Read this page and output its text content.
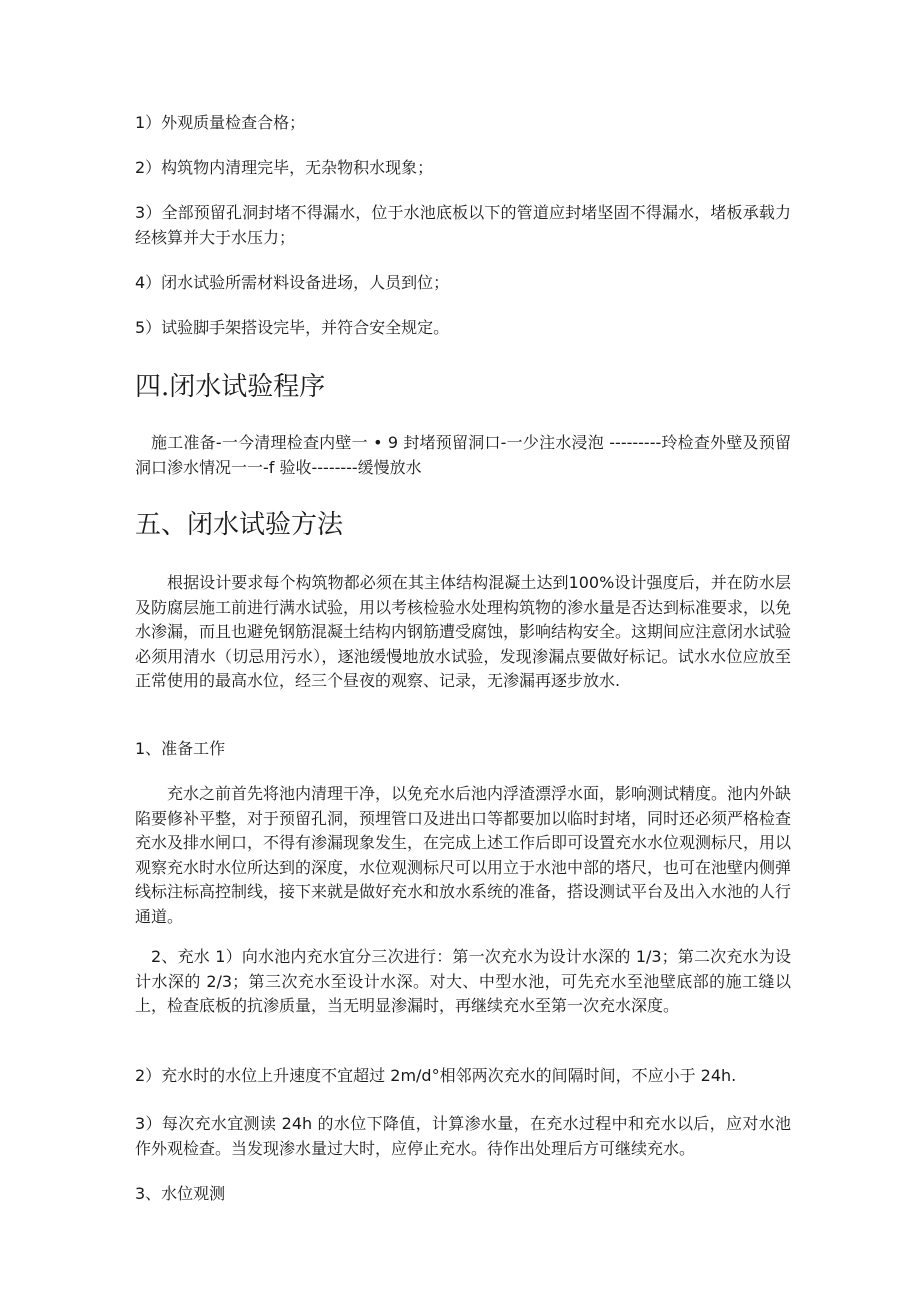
1）外观质量检查合格；
2）构筑物内清理完毕，无杂物积水现象；
3）全部预留孔洞封堵不得漏水，位于水池底板以下的管道应封堵坚固不得漏水，堵板承载力经核算并大于水压力；
4）闭水试验所需材料设备进场，人员到位；
5）试验脚手架搭设完毕，并符合安全规定。
四.闭水试验程序
施工准备-一今清理检查内壁一 • 9 封堵预留洞口-一少注水浸泡 ---------玲检查外壁及预留洞口渗水情况一一-f 验收--------缓慢放水
五、闭水试验方法
根据设计要求每个构筑物都必须在其主体结构混凝土达到100%设计强度后，并在防水层及防腐层施工前进行满水试验，用以考核检验水处理构筑物的渗水量是否达到标准要求，以免水渗漏，而且也避免钢筋混凝土结构内钢筋遭受腐蚀，影响结构安全。这期间应注意闭水试验必须用清水（切忌用污水），逐池缓慢地放水试验，发现渗漏点要做好标记。试水水位应放至正常使用的最高水位，经三个昼夜的观察、记录，无渗漏再逐步放水.
1、准备工作
充水之前首先将池内清理干净，以免充水后池内浮渣漂浮水面，影响测试精度。池内外缺陷要修补平整，对于预留孔洞，预埋管口及进出口等都要加以临时封堵，同时还必须严格检查充水及排水闸口，不得有渗漏现象发生，在完成上述工作后即可设置充水水位观测标尺，用以观察充水时水位所达到的深度，水位观测标尺可以用立于水池中部的塔尺，也可在池壁内侧弹线标注标高控制线，接下来就是做好充水和放水系统的准备，搭设测试平台及出入水池的人行通道。
2、充水 1）向水池内充水宜分三次进行：第一次充水为设计水深的 1/3；第二次充水为设计水深的 2/3；第三次充水至设计水深。对大、中型水池，可先充水至池壁底部的施工缝以上，检查底板的抗渗质量，当无明显渗漏时，再继续充水至第一次充水深度。
2）充水时的水位上升速度不宜超过 2m∕d°相邻两次充水的间隔时间，不应小于 24h.
3）每次充水宜测读 24h 的水位下降值，计算渗水量，在充水过程中和充水以后，应对水池作外观检查。当发现渗水量过大时，应停止充水。待作出处理后方可继续充水。
3、水位观测
